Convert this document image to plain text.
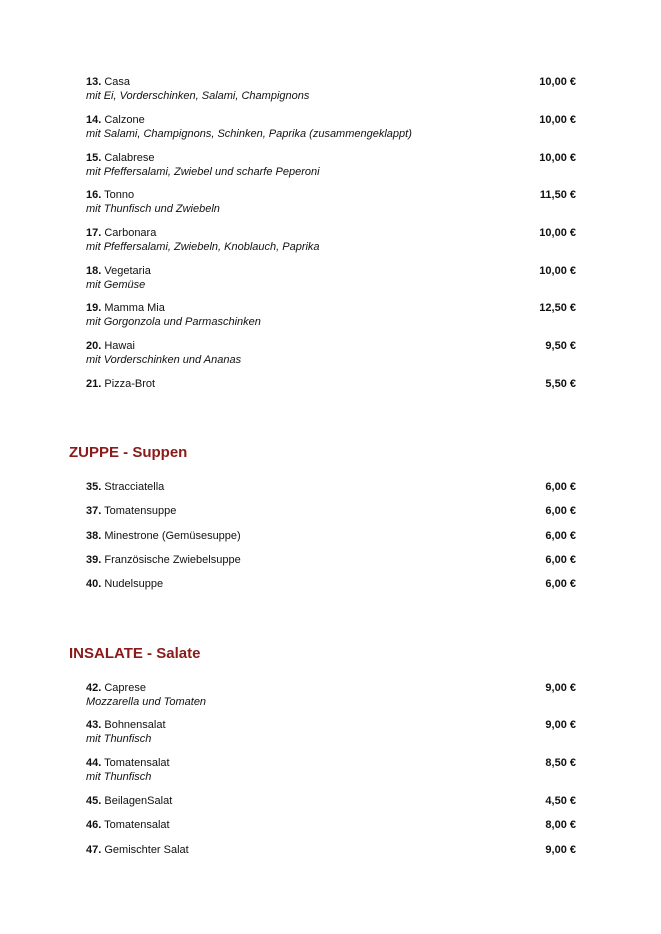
13. Casa	10,00 €
mit Ei, Vorderschinken, Salami, Champignons
14. Calzone	10,00 €
mit Salami, Champignons, Schinken, Paprika (zusammengeklappt)
15. Calabrese	10,00 €
mit Pfeffersalami, Zwiebel und scharfe Peperoni
16. Tonno	11,50 €
mit Thunfisch und Zwiebeln
17. Carbonara	10,00 €
mit Pfeffersalami, Zwiebeln, Knoblauch, Paprika
18. Vegetaria	10,00 €
mit Gemüse
19. Mamma Mia	12,50 €
mit Gorgonzola und Parmaschinken
20. Hawai	9,50 €
mit Vorderschinken und Ananas
21. Pizza-Brot	5,50 €
ZUPPE - Suppen
35. Stracciatella	6,00 €
37. Tomatensuppe	6,00 €
38. Minestrone (Gemüsesuppe)	6,00 €
39. Französische Zwiebelsuppe	6,00 €
40. Nudelsuppe	6,00 €
INSALATE - Salate
42. Caprese	9,00 €
Mozzarella und Tomaten
43. Bohnensalat	9,00 €
mit Thunfisch
44. Tomatensalat	8,50 €
mit Thunfisch
45. BeilagenSalat	4,50 €
46. Tomatensalat	8,00 €
47. Gemischter Salat	9,00 €
